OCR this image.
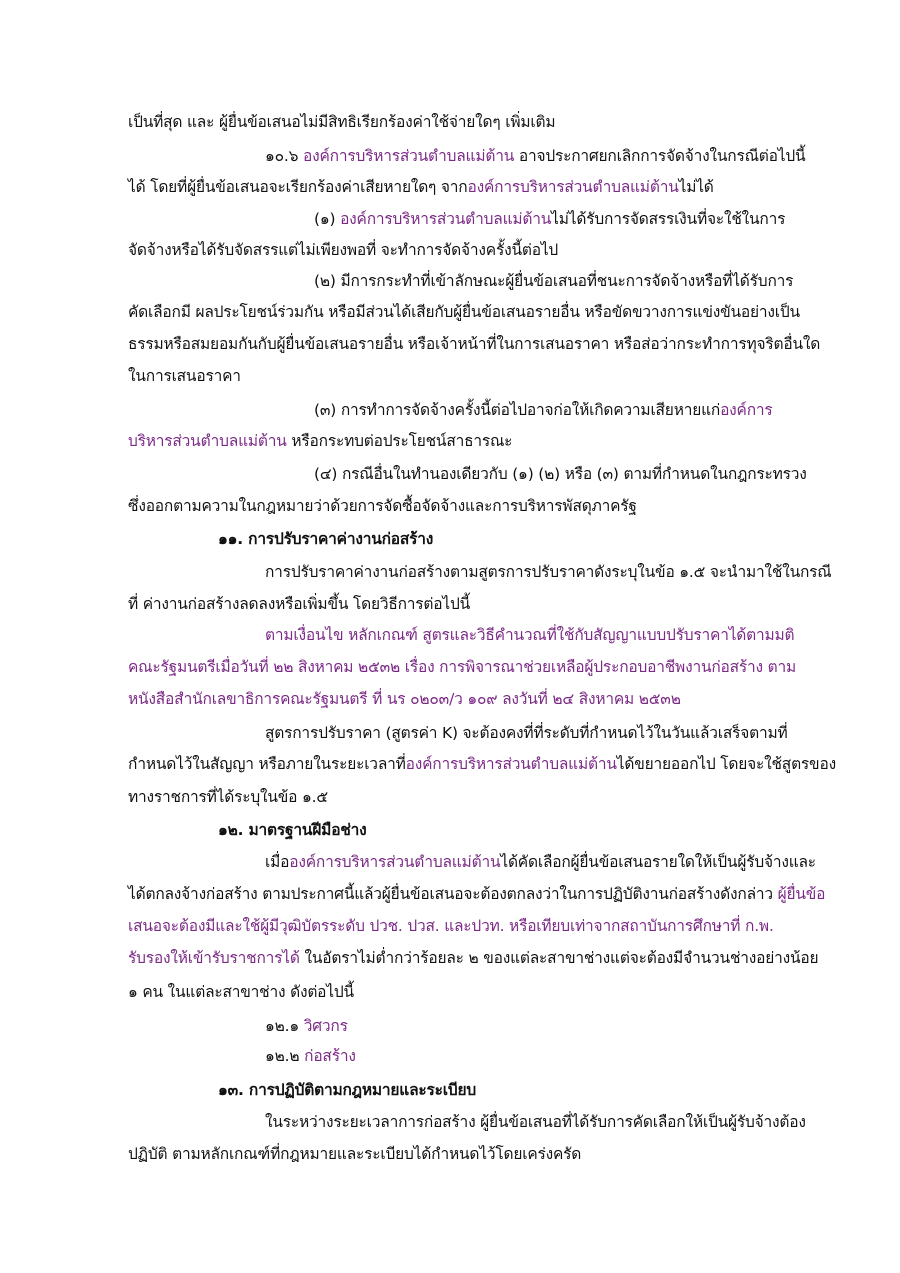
เป็นที่สุด และ ผู้ยื่นข้อเสนอไม่มีสิทธิเรียกร้องค่าใช้จ่ายใดๆ เพิ่มเติม
๑๐.๖ องค์การบริหารส่วนตำบลแม่ต้าน อาจประกาศยกเลิกการจัดจ้างในกรณีต่อไปนี้
ได้ โดยที่ผู้ยื่นข้อเสนอจะเรียกร้องค่าเสียหายใดๆ จากองค์การบริหารส่วนตำบลแม่ต้านไม่ได้
(๑) องค์การบริหารส่วนตำบลแม่ต้านไม่ได้รับการจัดสรรเงินที่จะใช้ในการ
จัดจ้างหรือได้รับจัดสรรแต่ไม่เพียงพอที่ จะทำการจัดจ้างครั้งนี้ต่อไป
(๒) มีการกระทำที่เข้าลักษณะผู้ยื่นข้อเสนอที่ชนะการจัดจ้างหรือที่ได้รับการ
คัดเลือกมี ผลประโยชน์ร่วมกัน หรือมีส่วนได้เสียกับผู้ยื่นข้อเสนอรายอื่น หรือขัดขวางการแข่งขันอย่างเป็น
ธรรมหรือสมยอมกันกับผู้ยื่นข้อเสนอรายอื่น หรือเจ้าหน้าที่ในการเสนอราคา หรือส่อว่ากระทำการทุจริตอื่นใด
ในการเสนอราคา
(๓) การทำการจัดจ้างครั้งนี้ต่อไปอาจก่อให้เกิดความเสียหายแก่องค์การ
บริหารส่วนตำบลแม่ต้าน หรือกระทบต่อประโยชน์สาธารณะ
(๔) กรณีอื่นในทำนองเดียวกับ (๑) (๒) หรือ (๓) ตามที่กำหนดในกฎกระทรวง
ซึ่งออกตามความในกฎหมายว่าด้วยการจัดซื้อจัดจ้างและการบริหารพัสดุภาครัฐ
๑๑. การปรับราคาค่างานก่อสร้าง
การปรับราคาค่างานก่อสร้างตามสูตรการปรับราคาดังระบุในข้อ ๑.๕ จะนำมาใช้ในกรณี
ที่ ค่างานก่อสร้างลดลงหรือเพิ่มขึ้น โดยวิธีการต่อไปนี้
ตามเงื่อนไข หลักเกณฑ์ สูตรและวิธีคำนวณที่ใช้กับสัญญาแบบปรับราคาได้ตามมติ
คณะรัฐมนตรีเมื่อวันที่ ๒๒ สิงหาคม ๒๕๓๒ เรื่อง การพิจารณาช่วยเหลือผู้ประกอบอาชีพงานก่อสร้าง ตาม
หนังสือสำนักเลขาธิการคณะรัฐมนตรี ที่ นร ๐๒๐๓/ว ๑๐๙ ลงวันที่ ๒๔ สิงหาคม ๒๕๓๒
สูตรการปรับราคา (สูตรค่า K) จะต้องคงที่ที่ระดับที่กำหนดไว้ในวันแล้วเสร็จตามที่
กำหนดไว้ในสัญญา หรือภายในระยะเวลาที่องค์การบริหารส่วนตำบลแม่ต้านได้ขยายออกไป โดยจะใช้สูตรของ
ทางราชการที่ได้ระบุในข้อ ๑.๕
๑๒. มาตรฐานฝีมือช่าง
เมื่อองค์การบริหารส่วนตำบลแม่ต้านได้คัดเลือกผู้ยื่นข้อเสนอรายใดให้เป็นผู้รับจ้างและ
ได้ตกลงจ้างก่อสร้าง ตามประกาศนี้แล้วผู้ยื่นข้อเสนอจะต้องตกลงว่าในการปฏิบัติงานก่อสร้างดังกล่าว ผู้ยื่นข้อ
เสนอจะต้องมีและใช้ผู้มีวุฒิบัตรระดับ ปวช. ปวส. และปวท. หรือเทียบเท่าจากสถาบันการศึกษาที่ ก.พ.
รับรองให้เข้ารับราชการได้ ในอัตราไม่ต่ำกว่าร้อยละ ๒ ของแต่ละสาขาช่างแต่จะต้องมีจำนวนช่างอย่างน้อย
๑ คน ในแต่ละสาขาช่าง ดังต่อไปนี้
๑๒.๑ วิศวกร
๑๒.๒ ก่อสร้าง
๑๓. การปฏิบัติตามกฎหมายและระเบียบ
ในระหว่างระยะเวลาการก่อสร้าง ผู้ยื่นข้อเสนอที่ได้รับการคัดเลือกให้เป็นผู้รับจ้างต้อง
ปฏิบัติ ตามหลักเกณฑ์ที่กฎหมายและระเบียบได้กำหนดไว้โดยเคร่งครัด
